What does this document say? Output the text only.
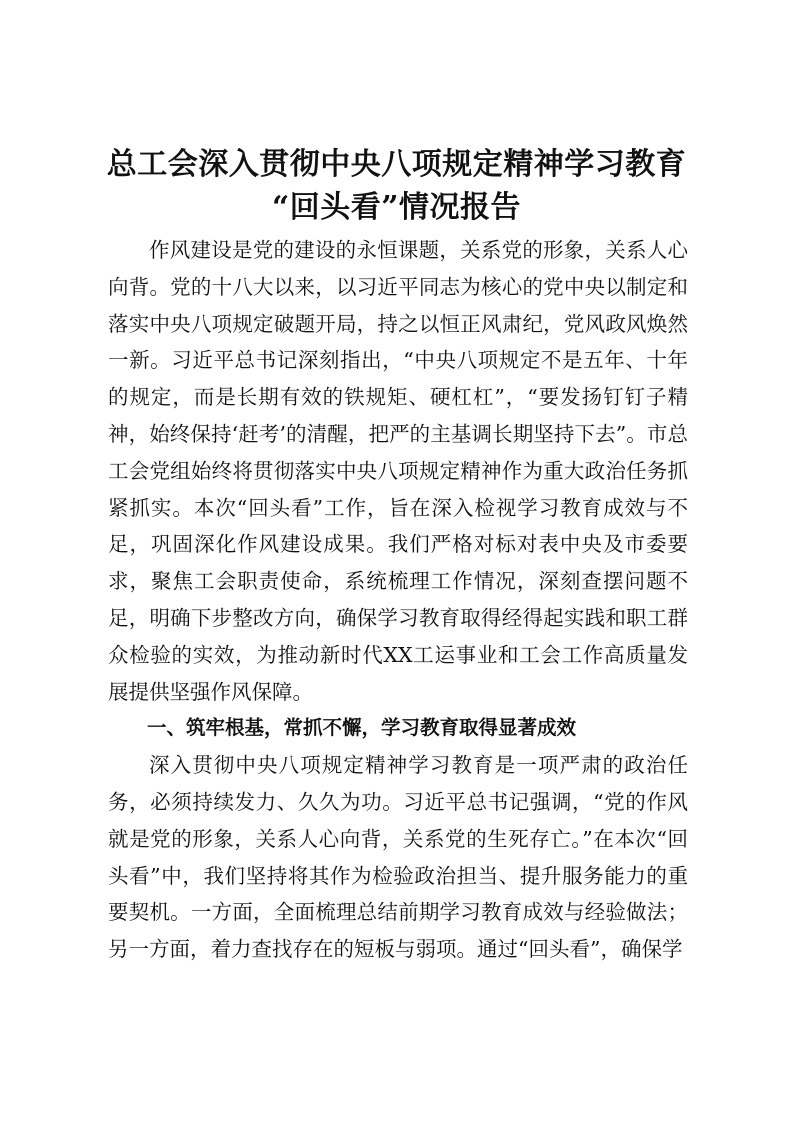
总工会深入贯彻中央八项规定精神学习教育
“回头看”情况报告

作风建设是党的建设的永恒课题，关系党的形象，关系人心向背。党的十八大以来，以习近平同志为核心的党中央以制定和落实中央八项规定破题开局，持之以恒正风肃纪，党风政风焕然一新。习近平总书记深刻指出，“中央八项规定不是五年、十年的规定，而是长期有效的铁规矩、硬杠杠”，“要发扬钉钉子精神，始终保持‘赶考’的清醒，把严的主基调长期坚持下去”。市总工会党组始终将贯彻落实中央八项规定精神作为重大政治任务抓紧抓实。本次“回头看”工作，旨在深入检视学习教育成效与不足，巩固深化作风建设成果。我们严格对标对表中央及市委要求，聚焦工会职责使命，系统梳理工作情况，深刻查摆问题不足，明确下步整改方向，确保学习教育取得经得起实践和职工群众检验的实效，为推动新时代XX工运事业和工会工作高质量发展提供坚强作风保障。

一、筑牢根基，常抓不懈，学习教育取得显著成效

深入贯彻中央八项规定精神学习教育是一项严肃的政治任务，必须持续发力、久久为功。习近平总书记强调，“党的作风就是党的形象，关系人心向背，关系党的生死存亡。”在本次“回头看”中，我们坚持将其作为检验政治担当、提升服务能力的重要契机。一方面，全面梳理总结前期学习教育成效与经验做法；另一方面，着力查找存在的短板与弱项。通过“回头看”，确保学
